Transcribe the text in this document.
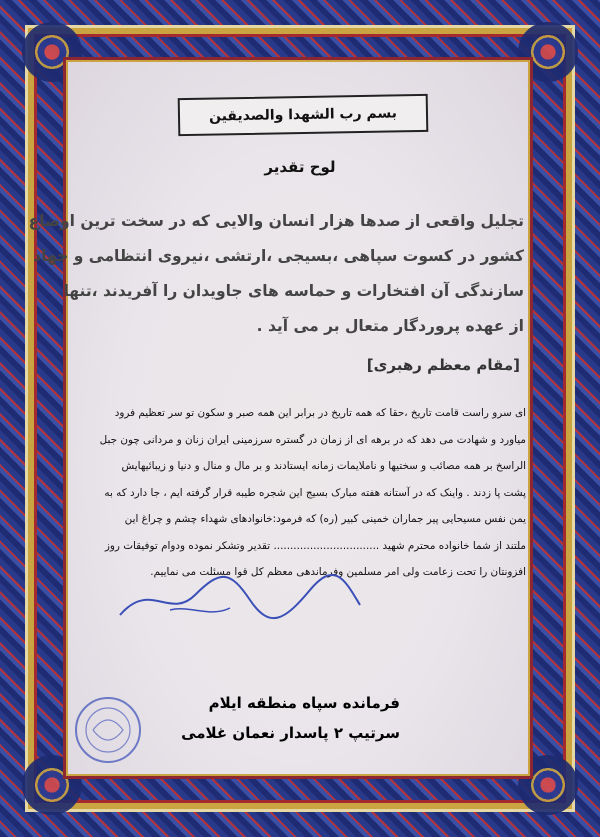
بسم رب الشهدا والصدیقین
لوح تقدیر
تجلیل واقعی از صدها هزار انسان والایی که در سخت ترین اوضاع
کشور در کسوت سپاهی ،بسیجی ،ارتشی ،نیروی انتظامی و جهاد
سازندگی آن افتخارات و حماسه های جاویدان را آفریدند ،تنها
از عهده پروردگار متعال بر می آید .
[مقام معظم رهبری]
ای سرو راست قامت تاریخ ،حقا که همه تاریخ در برابر این همه صبر و سکون تو سر تعظیم فرود
میاورد و شهادت می دهد که در برهه ای از زمان در گستره سرزمینی ایران زنان و مردانی چون جبل
الراسخ بر همه مصائب و سختیها و ناملایمات زمانه ایستادند و بر مال و منال و دنیا و زیبائیهایش
پشت پا زدند . واینک که در آستانه هفته مبارک بسیج این شجره طیبه قرار گرفته ایم ، جا دارد که به
یمن نفس مسیحایی پیر جماران خمینی کبیر (ره) که فرمود:خانوادهای شهداء چشم و چراغ این
ملتند از شما خانواده محترم شهید ................................ تقدیر وتشکر نموده ودوام توفیقات روز
افزونتان را تحت زعامت ولی امر مسلمین وفرماندهی معظم کل قوا مسئلت می نماییم.
فرمانده سپاه منطقه ایلام
سرتیپ ۲ پاسدار نعمان غلامی
